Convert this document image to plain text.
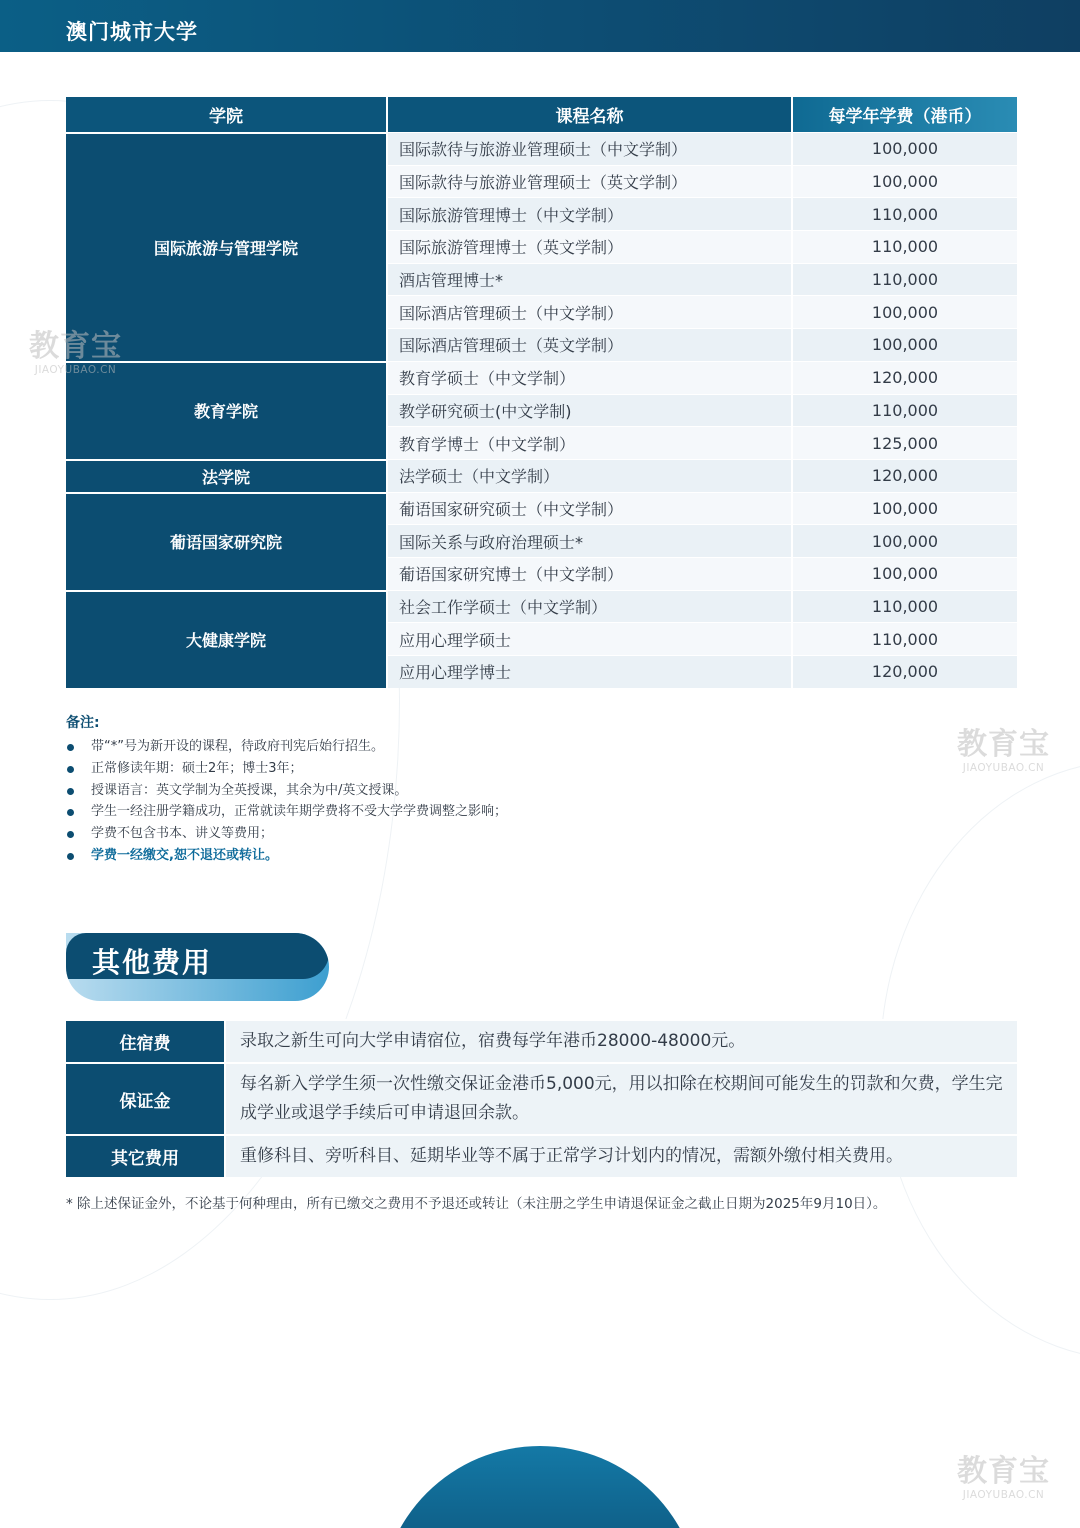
澳门城市大学
学院	课程名称	每学年学费（港币）
国际旅游与管理学院	国际款待与旅游业管理硕士（中文学制）	100,000
	国际款待与旅游业管理硕士（英文学制）	100,000
	国际旅游管理博士（中文学制）	110,000
	国际旅游管理博士（英文学制）	110,000
	酒店管理博士*	110,000
	国际酒店管理硕士（中文学制）	100,000
	国际酒店管理硕士（英文学制）	100,000
教育学院	教育学硕士（中文学制）	120,000
	教学研究硕士(中文学制)	110,000
	教育学博士（中文学制）	125,000
法学院	法学硕士（中文学制）	120,000
葡语国家研究院	葡语国家研究硕士（中文学制）	100,000
	国际关系与政府治理硕士*	100,000
	葡语国家研究博士（中文学制）	100,000
大健康学院	社会工作学硕士（中文学制）	110,000
	应用心理学硕士	110,000
	应用心理学博士	120,000
备注:
带“*”号为新开设的课程，待政府刊宪后始行招生。
正常修读年期：硕士2年；博士3年；
授课语言：英文学制为全英授课，其余为中/英文授课。
学生一经注册学籍成功，正常就读年期学费将不受大学学费调整之影响；
学费不包含书本、讲义等费用；
学费一经缴交,恕不退还或转让。
其他费用
住宿费	录取之新生可向大学申请宿位，宿费每学年港币28000-48000元。
保证金	每名新入学学生须一次性缴交保证金港币5,000元，用以扣除在校期间可能发生的罚款和欠费，学生完成学业或退学手续后可申请退回余款。
其它费用	重修科目、旁听科目、延期毕业等不属于正常学习计划内的情况，需额外缴付相关费用。
* 除上述保证金外，不论基于何种理由，所有已缴交之费用不予退还或转让（未注册之学生申请退保证金之截止日期为2025年9月10日）。
教育宝
JIAOYUBAO.CN
教育宝
JIAOYUBAO.CN
教育宝
JIAOYUBAO.CN
